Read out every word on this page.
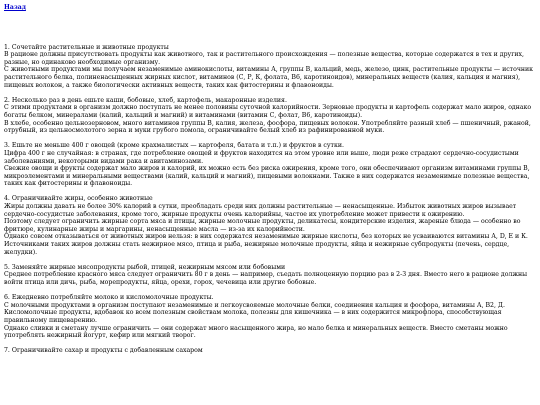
Назад
1. Сочетайте растительные и животные продукты
В рационе должны присутствовать продукты как животного, так и растительного происхождения — полезные вещества, которые содержатся в тех и других, разные, но одинаково необходимые организму.
С животными продуктами мы получаем незаменимые аминокислоты, витамины А, группы В, кальций, медь, железо, цинк, растительные продукты — источник растительного белка, полиненасыщенных жирных кислот, витаминов (С, Р, К, фолата, В6, каротиноидов), минеральных веществ (калия, кальция и магния), пищевых волокон, а также биологически активных веществ, таких как фитостерины и флавоноиды.
2. Несколько раз в день ешьте каши, бобовые, хлеб, картофель, макаронные изделия.
С этими продуктами в организм должно поступать не менее половины суточной калорийности. Зерновые продукты и картофель содержат мало жиров, однако богаты белком, минералами (калий, кальций и магний) и витаминами (витамин С, фолат, В6, каротиноиды).
В хлебе, особенно цельнозерновом, много витаминов группы В, калия, железа, фосфора, пищевых волокон. Употребляйте разный хлеб — пшеничный, ржаной, отрубный, из цельносмолотого зерна и муки грубого помола, ограничивайте белый хлеб из рафинированной муки.
3. Ешьте не меньше 400 г овощей (кроме крахмалистых — картофеля, батата и т.п.) и фруктов в сутки.
Цифра 400 г не случайная: в странах, где потребление овощей и фруктов находится на этом уровне или выше, люди реже страдают сердечно-сосудистыми заболеваниями, некоторыми видами рака и авитаминозами.
Свежие овощи и фрукты содержат мало жиров и калорий, их можно есть без риска ожирения, кроме того, они обеспечивают организм витаминами группы В, микроэлементами и минеральными веществами (калий, кальций и магний), пищевыми волокнами. Также в них содержатся незаменимые полезные вещества, таких как фитостерины и флавоноиды.
4. Ограничивайте жиры, особенно животные
Жиры должны давать не более 30% калорий в сутки, преобладать среди них должны растительные — ненасыщенные. Избыток животных жиров вызывает сердечно-сосудистые заболевания, кроме того, жирные продукты очень калорийны, частое их употребление может привести к ожирению.
Поэтому следует ограничить жирные сорта мяса и птицы, жирные молочные продукты, деликатесы, кондитерские изделия, жареные блюда — особенно во фритюре, кулинарные жиры и маргарины, ненасыщенные масла — из-за их калорийности.
Однако совсем отказываться от животных жиров нельзя: в них содержатся незаменимые жирные кислоты, без которых не усваиваются витамины А, D, Е и К. Источниками таких жиров должны стать нежирное мясо, птица и рыба, нежирные молочные продукты, яйца и нежирные субпродукты (печень, сердце, желудки).
5. Заменяйте жирные мясопродукты рыбой, птицей, нежирным мясом или бобовыми
Среднее потребление красного мяса следует ограничить 80 г в день — например, съедать полноценную порцию раз в 2-3 дня. Вместо него в рационе должны войти птица или дичь, рыба, морепродукты, яйца, орехи, горох, чечевица или другие бобовые.
6. Ежедневно потребляйте молоко и кисломолочные продукты.
С молочными продуктами в организм поступают незаменимые и легкоусвояемые молочные белки, соединения кальция и фосфора, витамины А, В2, Д. Кисломолочные продукты, вдобавок ко всем полезным свойствам молока, полезны для кишечника — в них содержится микрофлора, способствующая правильному пищеварению.
Однако сливки и сметану лучше ограничить — они содержат много насыщенного жира, но мало белка и минеральных веществ. Вместо сметаны можно употреблять нежирный йогурт, кефир или мягкий творог.
7. Ограничивайте сахар и продукты с добавленным сахаром
